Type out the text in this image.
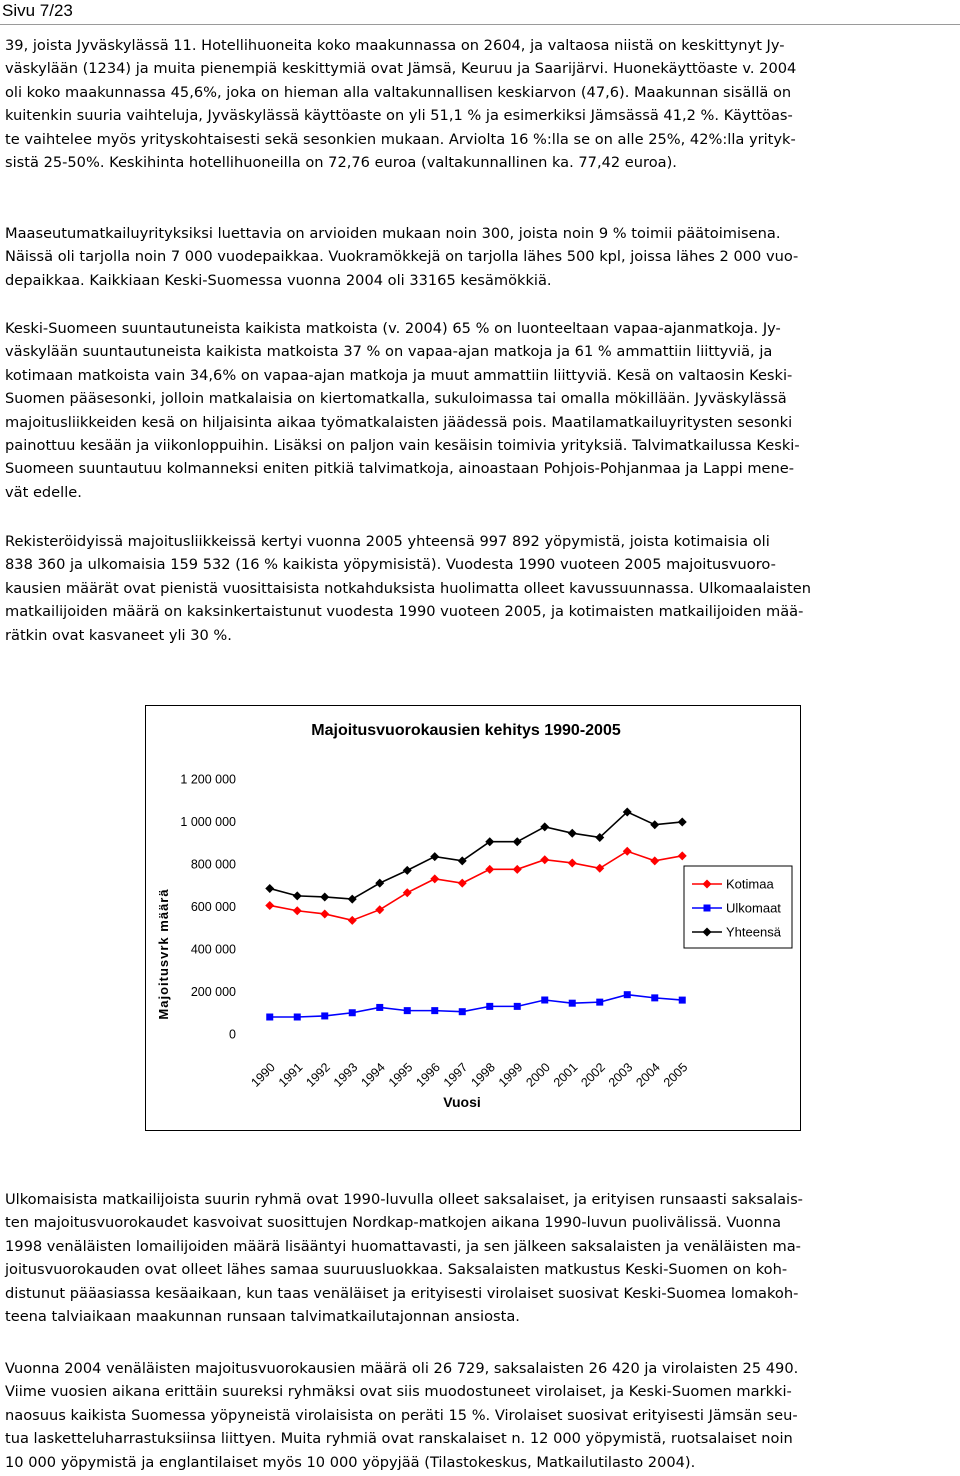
Sivu 7/23
39, joista Jyväskylässä 11. Hotellihuoneita koko maakunnassa on 2604, ja valtaosa niistä on keskittynyt Jy-
väskylään (1234) ja muita pienempiä keskittymiä ovat Jämsä, Keuruu ja Saarijärvi. Huonekäyttöaste v. 2004
oli koko maakunnassa 45,6%, joka on hieman alla valtakunnallisen keskiarvon (47,6). Maakunnan sisällä on
kuitenkin suuria vaihteluja, Jyväskylässä käyttöaste on yli 51,1 % ja esimerkiksi Jämsässä 41,2 %. Käyttöas-
te vaihtelee myös yrityskohtaisesti sekä sesonkien mukaan. Arviolta 16 %:lla se on alle 25%, 42%:lla yrityk-
sistä 25-50%. Keskihinta hotellihuoneilla on 72,76 euroa (valtakunnallinen ka. 77,42 euroa).
Maaseutumatkailuyrityksiksi luettavia on arvioiden mukaan noin 300, joista noin 9 % toimii päätoimisena.
Näissä oli tarjolla noin 7 000 vuodepaikkaa. Vuokramökkejä on tarjolla lähes 500 kpl, joissa lähes 2 000 vuo-
depaikkaa. Kaikkiaan Keski-Suomessa vuonna 2004 oli 33165 kesämökkiä.
Keski-Suomeen suuntautuneista kaikista matkoista (v. 2004) 65 % on luonteeltaan vapaa-ajanmatkoja. Jy-
väskylään suuntautuneista kaikista matkoista 37 % on vapaa-ajan matkoja ja 61 % ammattiin liittyviä, ja
kotimaan matkoista vain 34,6% on vapaa-ajan matkoja ja muut ammattiin liittyviä. Kesä on valtaosin Keski-
Suomen pääsesonki, jolloin matkalaisia on kiertomatkalla, sukuloimassa tai omalla mökillään. Jyväskylässä
majoitusliikkeiden kesä on hiljaisinta aikaa työmatkalaisten jäädessä pois. Maatilamatkailuyritysten sesonki
painottuu kesään ja viikonloppuihin. Lisäksi on paljon vain kesäisin toimivia yrityksiä. Talvimatkailussa Keski-
Suomeen suuntautuu kolmanneksi eniten pitkiä talvimatkoja, ainoastaan Pohjois-Pohjanmaa ja Lappi mene-
vät edelle.
Rekisteröidyissä majoitusliikkeissä kertyi vuonna 2005 yhteensä 997 892 yöpymistä, joista kotimaisia oli
838 360 ja ulkomaisia 159 532 (16 % kaikista yöpymisistä). Vuodesta 1990 vuoteen 2005 majoitusvuoro-
kausien määrät ovat pienistä vuosittaisista notkahduksista huolimatta olleet kavussuunnassa. Ulkomaalaisten
matkailijoiden määrä on kaksinkertaistunut vuodesta 1990 vuoteen 2005, ja kotimaisten matkailijoiden mää-
rätkin ovat kasvaneet yli 30 %.
Majoitusvuorokausien kehitys 1990-2005
Majoitusvrk määrä
Vuosi
0
200 000
400 000
600 000
800 000
1 000 000
1 200 000
1990
1991
1992
1993
1994
1995
1996
1997
1998
1999
2000
2001
2002
2003
2004
2005
Kotimaa
Ulkomaat
Yhteensä
Ulkomaisista matkailijoista suurin ryhmä ovat 1990-luvulla olleet saksalaiset, ja erityisen runsaasti saksalais-
ten majoitusvuorokaudet kasvoivat suosittujen Nordkap-matkojen aikana 1990-luvun puolivälissä. Vuonna
1998 venäläisten lomailijoiden määrä lisääntyi huomattavasti, ja sen jälkeen saksalaisten ja venäläisten ma-
joitusvuorokauden ovat olleet lähes samaa suuruusluokkaa. Saksalaisten matkustus Keski-Suomen on koh-
distunut pääasiassa kesäaikaan, kun taas venäläiset ja erityisesti virolaiset suosivat Keski-Suomea lomakoh-
teena talviaikaan maakunnan runsaan talvimatkailutajonnan ansiosta.
Vuonna 2004 venäläisten majoitusvuorokausien määrä oli 26 729, saksalaisten 26 420 ja virolaisten 25 490.
Viime vuosien aikana erittäin suureksi ryhmäksi ovat siis muodostuneet virolaiset, ja Keski-Suomen markki-
naosuus kaikista Suomessa yöpyneistä virolaisista on peräti 15 %. Virolaiset suosivat erityisesti Jämsän seu-
tua lasketteluharrastuksiinsa liittyen. Muita ryhmiä ovat ranskalaiset n. 12 000 yöpymistä, ruotsalaiset noin
10 000 yöpymistä ja englantilaiset myös 10 000 yöpyjää (Tilastokeskus, Matkailutilasto 2004).
